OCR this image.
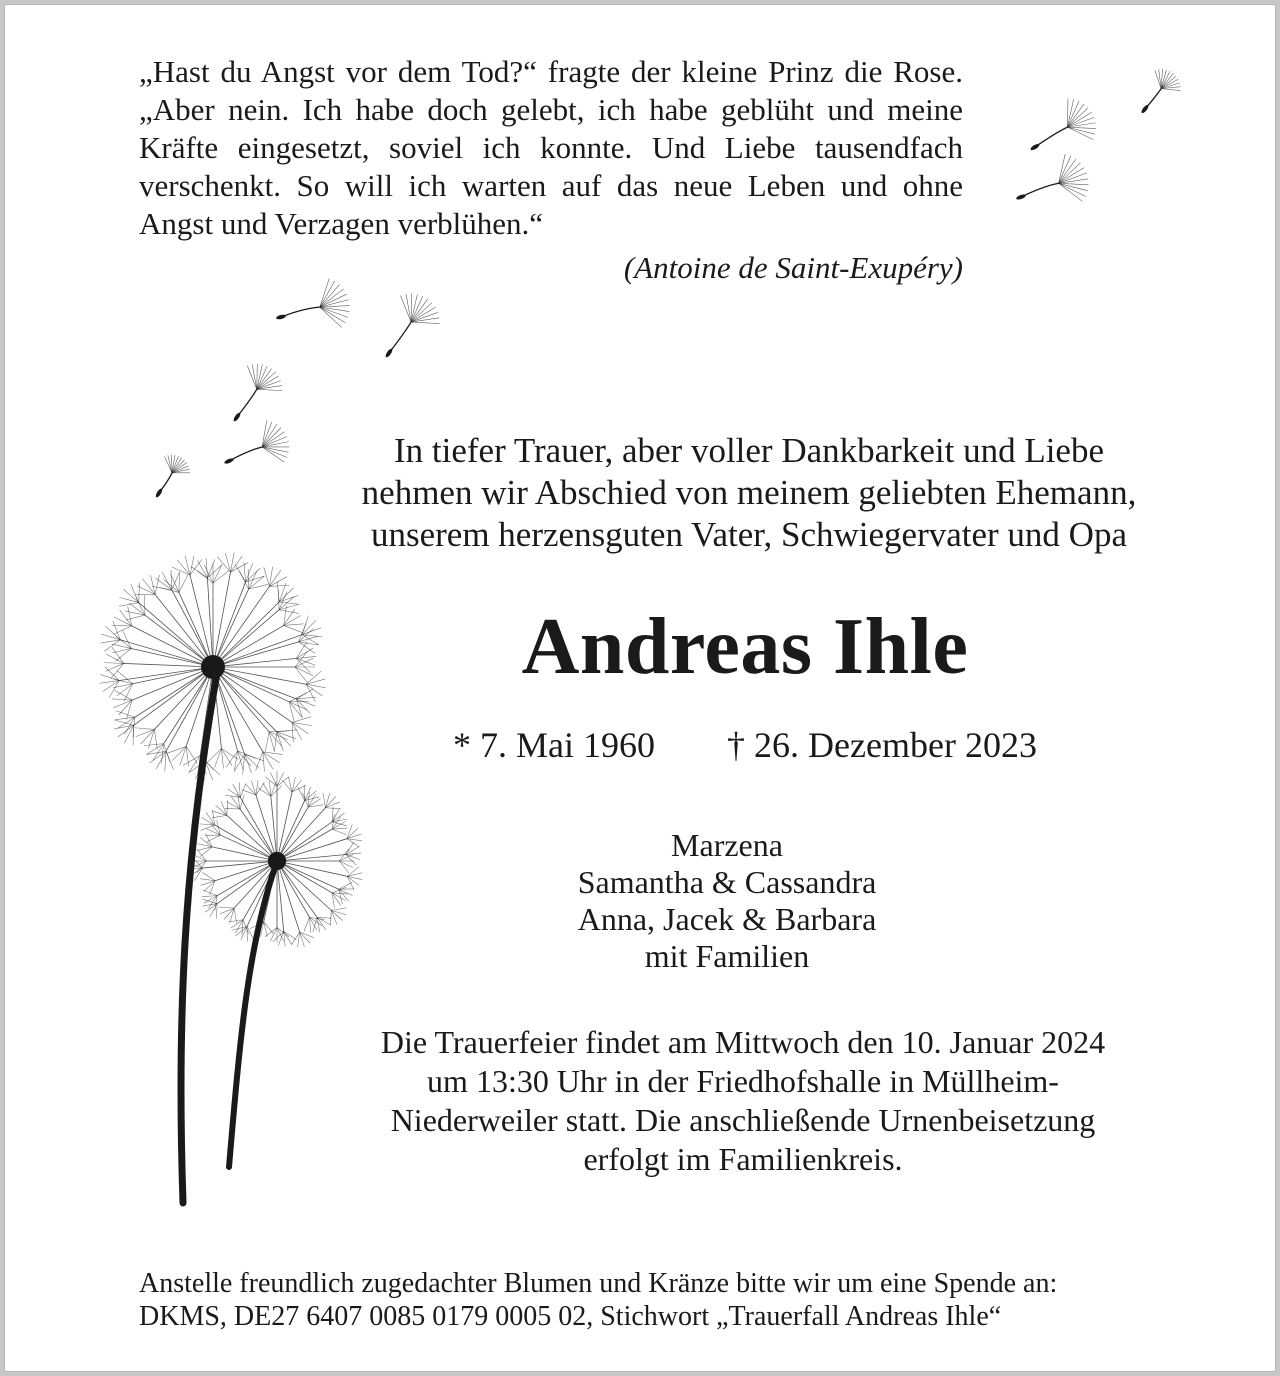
„Hast du Angst vor dem Tod?“ fragte der kleine Prinz die Rose. „Aber nein. Ich habe doch gelebt, ich habe geblüht und meine Kräfte eingesetzt, soviel ich konnte. Und Liebe tausendfach verschenkt. So will ich warten auf das neue Leben und ohne Angst und Verzagen verblühen.“
(Antoine de Saint-Exupéry)
In tiefer Trauer, aber voller Dankbarkeit und Liebe
nehmen wir Abschied von meinem geliebten Ehemann,
unserem herzensguten Vater, Schwiegervater und Opa
Andreas Ihle
* 7. Mai 1960 † 26. Dezember 2023
Marzena
Samantha & Cassandra
Anna, Jacek & Barbara
mit Familien
Die Trauerfeier findet am Mittwoch den 10. Januar 2024
um 13:30 Uhr in der Friedhofshalle in Müllheim-
Niederweiler statt. Die anschließende Urnenbeisetzung
erfolgt im Familienkreis.
Anstelle freundlich zugedachter Blumen und Kränze bitte wir um eine Spende an:
DKMS, DE27 6407 0085 0179 0005 02, Stichwort „Trauerfall Andreas Ihle“
